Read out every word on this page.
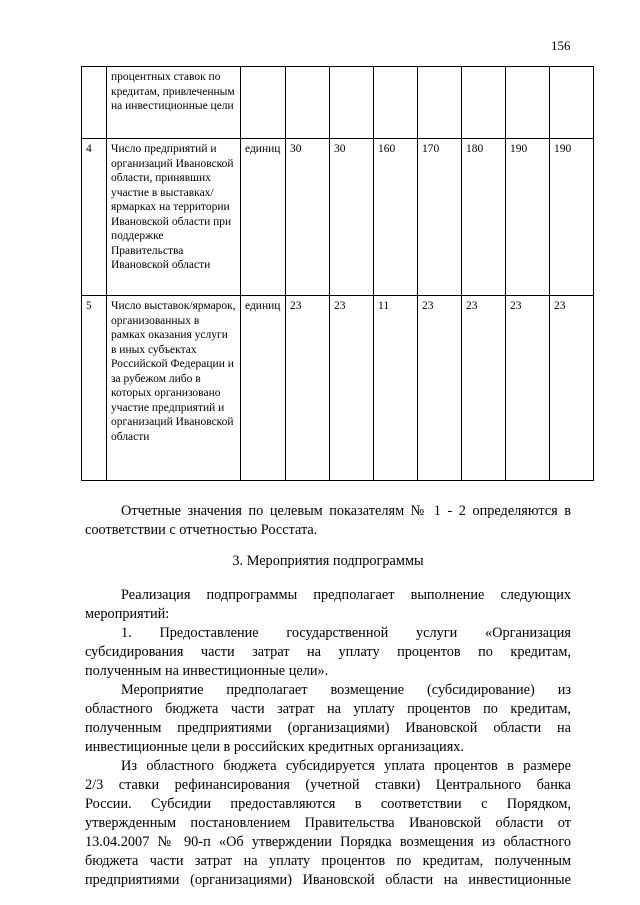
156
	процентных ставок по кредитам, привлеченным на инвестиционные цели								
4	Число предприятий и организаций Ивановской области, принявших участие в выставках/ярмарках на территории Ивановской области при поддержке Правительства Ивановской области	единиц	30	30	160	170	180	190	190
5	Число выставок/ярмарок, организованных в рамках оказания услуги в иных субъектах Российской Федерации и за рубежом либо в которых организовано участие предприятий и организаций Ивановской области	единиц	23	23	11	23	23	23	23

Отчетные значения по целевым показателям № 1 - 2 определяются в

соответствии с отчетностью Росстата.

3. Мероприятия подпрограммы

Реализация подпрограммы предполагает выполнение следующих

мероприятий:

1. Предоставление государственной услуги «Организация

субсидирования части затрат на уплату процентов по кредитам,

полученным на инвестиционные цели».

Мероприятие предполагает возмещение (субсидирование) из

областного бюджета части затрат на уплату процентов по кредитам,

полученным предприятиями (организациями) Ивановской области на

инвестиционные цели в российских кредитных организациях.

Из областного бюджета субсидируется уплата процентов в размере

2/3 ставки рефинансирования (учетной ставки) Центрального банка

России. Субсидии предоставляются в соответствии с Порядком,

утвержденным постановлением Правительства Ивановской области от

13.04.2007 № 90-п «Об утверждении Порядка возмещения из областного

бюджета части затрат на уплату процентов по кредитам, полученным

предприятиями (организациями) Ивановской области на инвестиционные
